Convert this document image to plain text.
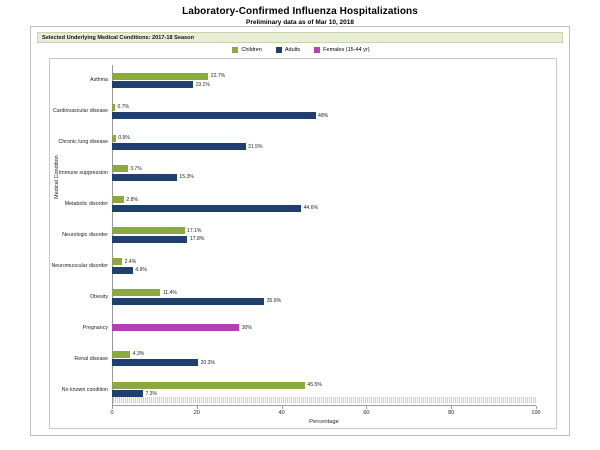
Laboratory-Confirmed Influenza Hospitalizations
Preliminary data as of Mar 10, 2018
Selected Underlying Medical Conditions: 2017-18 Season
Children	Adults	Females (15-44 yr)
Medical Condition
Percentage
Asthma
22.7%
19.1%
Cardiovascular disease
0.7%
48%
Chronic lung disease
0.9%
31.5%
Immune suppression
3.7%
15.3%
Metabolic disorder
2.8%
44.6%
Neurologic disorder
17.1%
17.8%
Neuromuscular disorder
2.4%
4.9%
Obesity
11.4%
35.9%
Pregnancy	30%
Renal disease
4.3%
20.3%
No known condition
45.5%
7.3%
0	20	40	60	80	100
